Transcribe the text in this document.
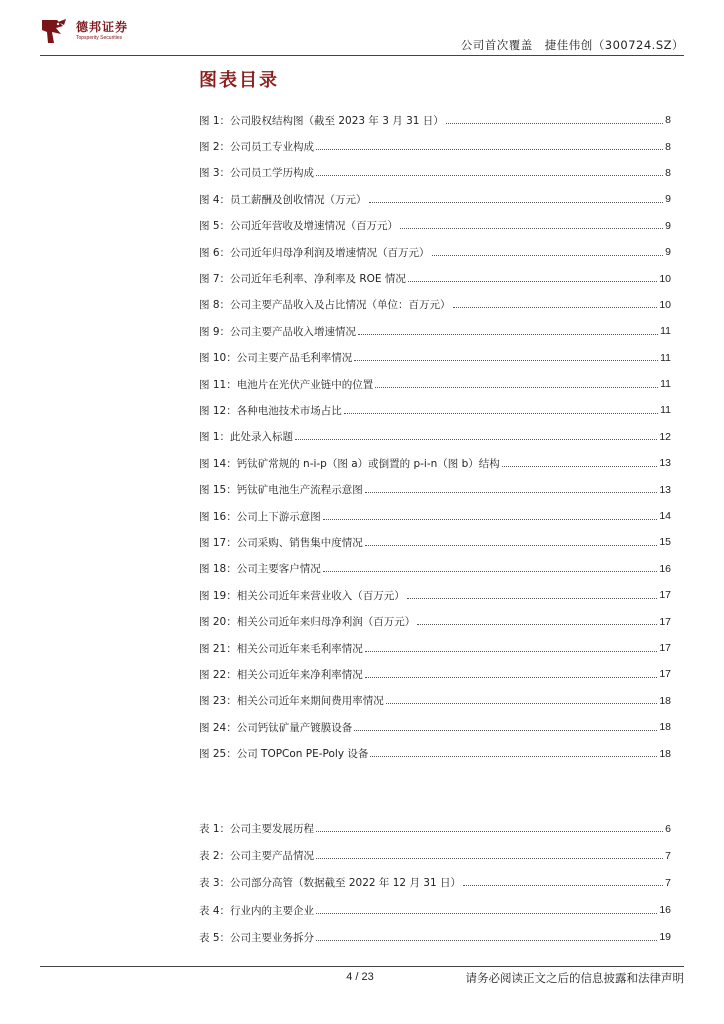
德邦证券
Topsperity Securities	公司首次覆盖 捷佳伟创（300724.SZ）
图表目录
图 1：公司股权结构图（截至 2023 年 3 月 31 日）	8
图 2：公司员工专业构成	8
图 3：公司员工学历构成	8
图 4：员工薪酬及创收情况（万元）	9
图 5：公司近年营收及增速情况（百万元）	9
图 6：公司近年归母净利润及增速情况（百万元）	9
图 7：公司近年毛利率、净利率及 ROE 情况	10
图 8：公司主要产品收入及占比情况（单位：百万元）	10
图 9：公司主要产品收入增速情况	11
图 10：公司主要产品毛利率情况	11
图 11：电池片在光伏产业链中的位置	11
图 12：各种电池技术市场占比	11
图 1：此处录入标题	12
图 14：钙钛矿常规的 n-i-p（图 a）或倒置的 p-i-n（图 b）结构	13
图 15：钙钛矿电池生产流程示意图	13
图 16：公司上下游示意图	14
图 17：公司采购、销售集中度情况	15
图 18：公司主要客户情况	16
图 19：相关公司近年来营业收入（百万元）	17
图 20：相关公司近年来归母净利润（百万元）	17
图 21：相关公司近年来毛利率情况	17
图 22：相关公司近年来净利率情况	17
图 23：相关公司近年来期间费用率情况	18
图 24：公司钙钛矿量产镀膜设备	18
图 25：公司 TOPCon PE-Poly 设备	18
表 1：公司主要发展历程	6
表 2：公司主要产品情况	7
表 3：公司部分高管（数据截至 2022 年 12 月 31 日）	7
表 4：行业内的主要企业	16
表 5：公司主要业务拆分	19
4 / 23	请务必阅读正文之后的信息披露和法律声明
